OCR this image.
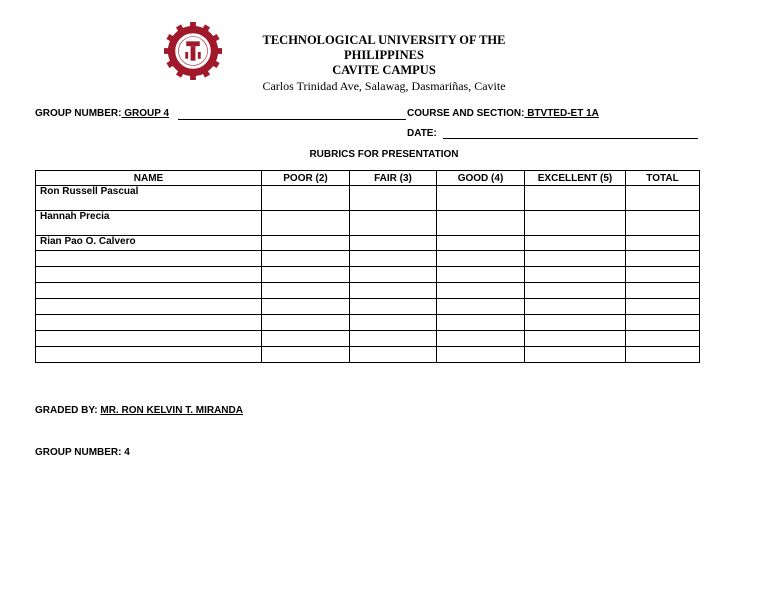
TECHNOLOGICAL UNIVERSITY OF THE PHILIPPINES
CAVITE CAMPUS
Carlos Trinidad Ave, Salawag, Dasmariñas, Cavite
GROUP NUMBER: GROUP 4	COURSE AND SECTION: BTVTED-ET 1A
DATE:
RUBRICS FOR PRESENTATION
NAME	POOR (2)	FAIR (3)	GOOD (4)	EXCELLENT (5)	TOTAL
Ron Russell Pascual					
Hannah Precia					
Rian Pao O. Calvero					

GRADED BY: MR. RON KELVIN T. MIRANDA
GROUP NUMBER: 4
